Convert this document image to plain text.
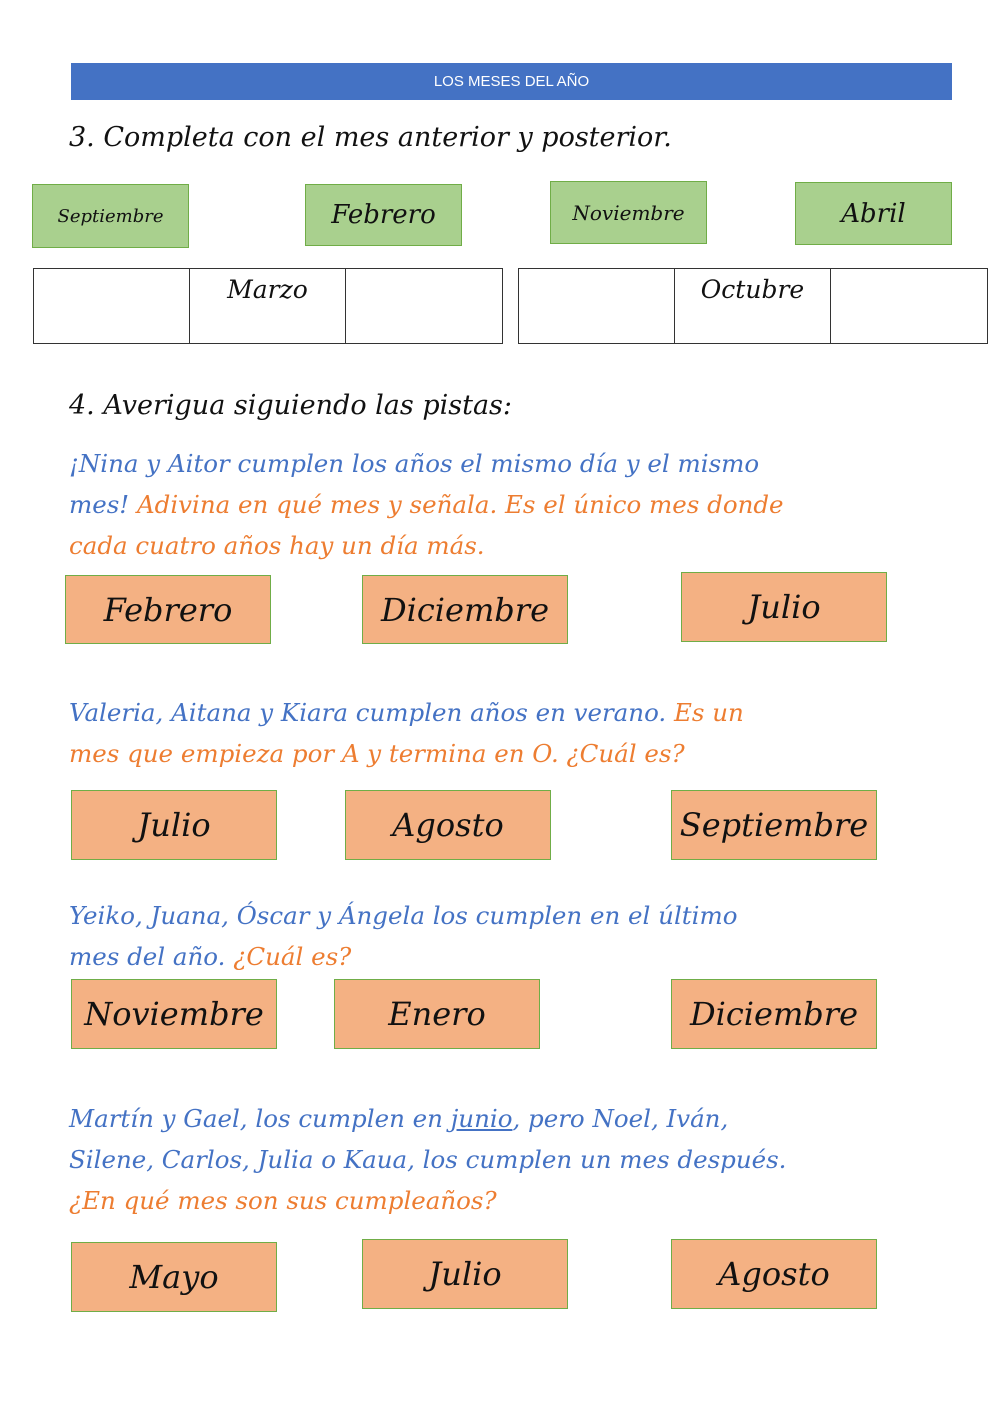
LOS MESES DEL AÑO
3. Completa con el mes anterior y posterior.
Septiembre	Febrero	Noviembre	Abril
Marzo	Octubre
4. Averigua siguiendo las pistas:
¡Nina y Aitor cumplen los años el mismo día y el mismo
mes! Adivina en qué mes y señala. Es el único mes donde
cada cuatro años hay un día más.
Febrero	Diciembre	Julio
Valeria, Aitana y Kiara cumplen años en verano. Es un
mes que empieza por A y termina en O. ¿Cuál es?
Julio	Agosto	Septiembre
Yeiko, Juana, Óscar y Ángela los cumplen en el último
mes del año. ¿Cuál es?
Noviembre	Enero	Diciembre
Martín y Gael, los cumplen en junio, pero Noel, Iván,
Silene, Carlos, Julia o Kaua, los cumplen un mes después.
¿En qué mes son sus cumpleaños?
Mayo	Julio	Agosto
